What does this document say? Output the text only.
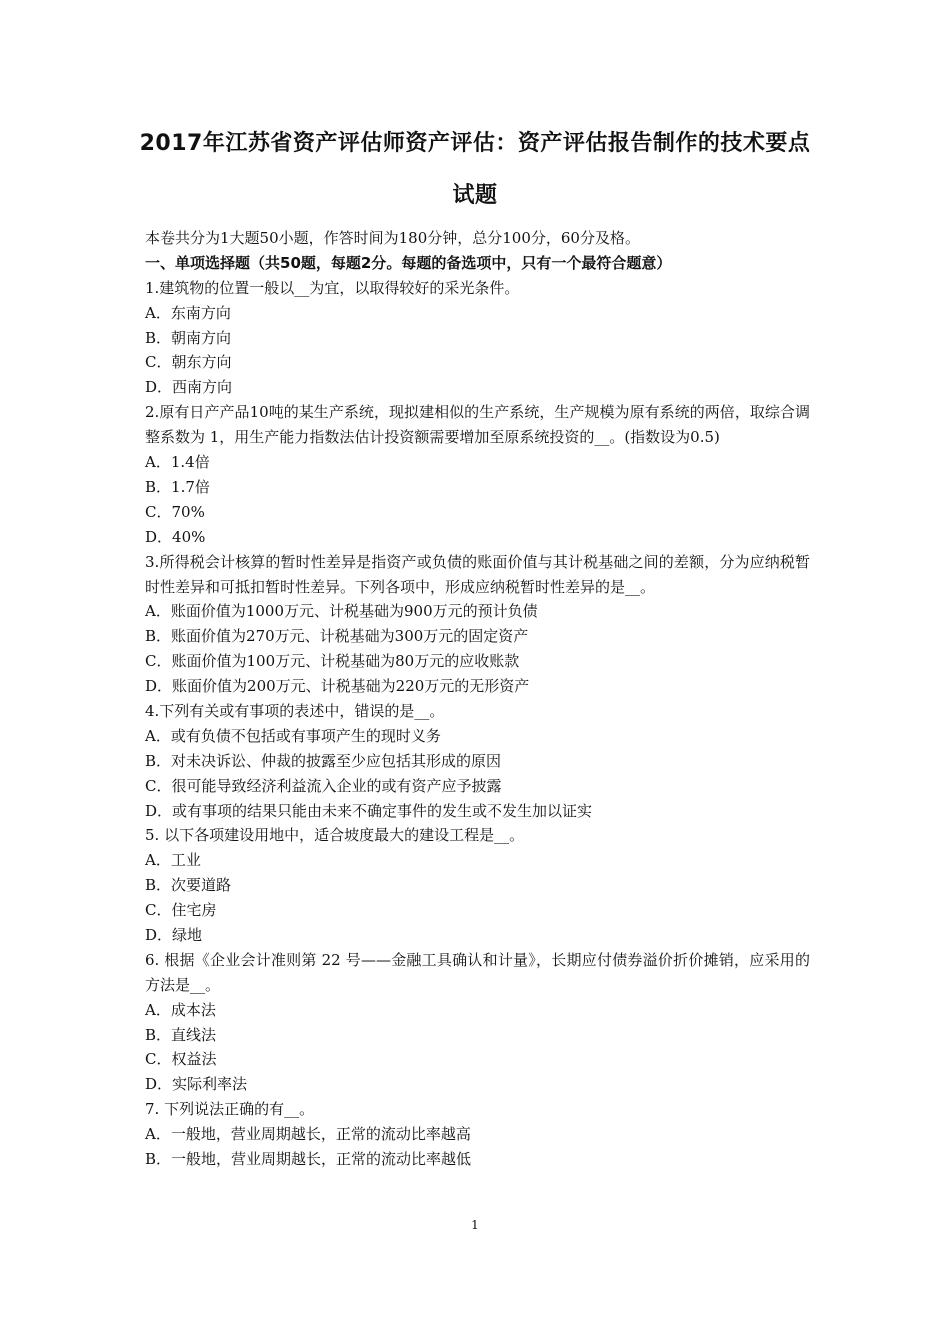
2017年江苏省资产评估师资产评估：资产评估报告制作的技术要点
试题
本卷共分为1大题50小题，作答时间为180分钟，总分100分，60分及格。
一、单项选择题（共50题，每题2分。每题的备选项中，只有一个最符合题意）
1.建筑物的位置一般以__为宜，以取得较好的采光条件。
A．东南方向
B．朝南方向
C．朝东方向
D．西南方向
2.原有日产产品10吨的某生产系统，现拟建相似的生产系统，生产规模为原有系统的两倍，取综合调整系数为 1，用生产能力指数法估计投资额需要增加至原系统投资的__。(指数设为0.5)
A．1.4倍
B．1.7倍
C．70%
D．40%
3.所得税会计核算的暂时性差异是指资产或负债的账面价值与其计税基础之间的差额，分为应纳税暂时性差异和可抵扣暂时性差异。下列各项中，形成应纳税暂时性差异的是__。
A．账面价值为1000万元、计税基础为900万元的预计负债
B．账面价值为270万元、计税基础为300万元的固定资产
C．账面价值为100万元、计税基础为80万元的应收账款
D．账面价值为200万元、计税基础为220万元的无形资产
4.下列有关或有事项的表述中，错误的是__。
A．或有负债不包括或有事项产生的现时义务
B．对未决诉讼、仲裁的披露至少应包括其形成的原因
C．很可能导致经济利益流入企业的或有资产应予披露
D．或有事项的结果只能由未来不确定事件的发生或不发生加以证实
5. 以下各项建设用地中，适合坡度最大的建设工程是__。
A．工业
B．次要道路
C．住宅房
D．绿地
6. 根据《企业会计准则第 22 号——金融工具确认和计量》，长期应付债券溢价折价摊销，应采用的方法是__。
A．成本法
B．直线法
C．权益法
D．实际利率法
7. 下列说法正确的有__。
A．一般地，营业周期越长，正常的流动比率越高
B．一般地，营业周期越长，正常的流动比率越低
1
